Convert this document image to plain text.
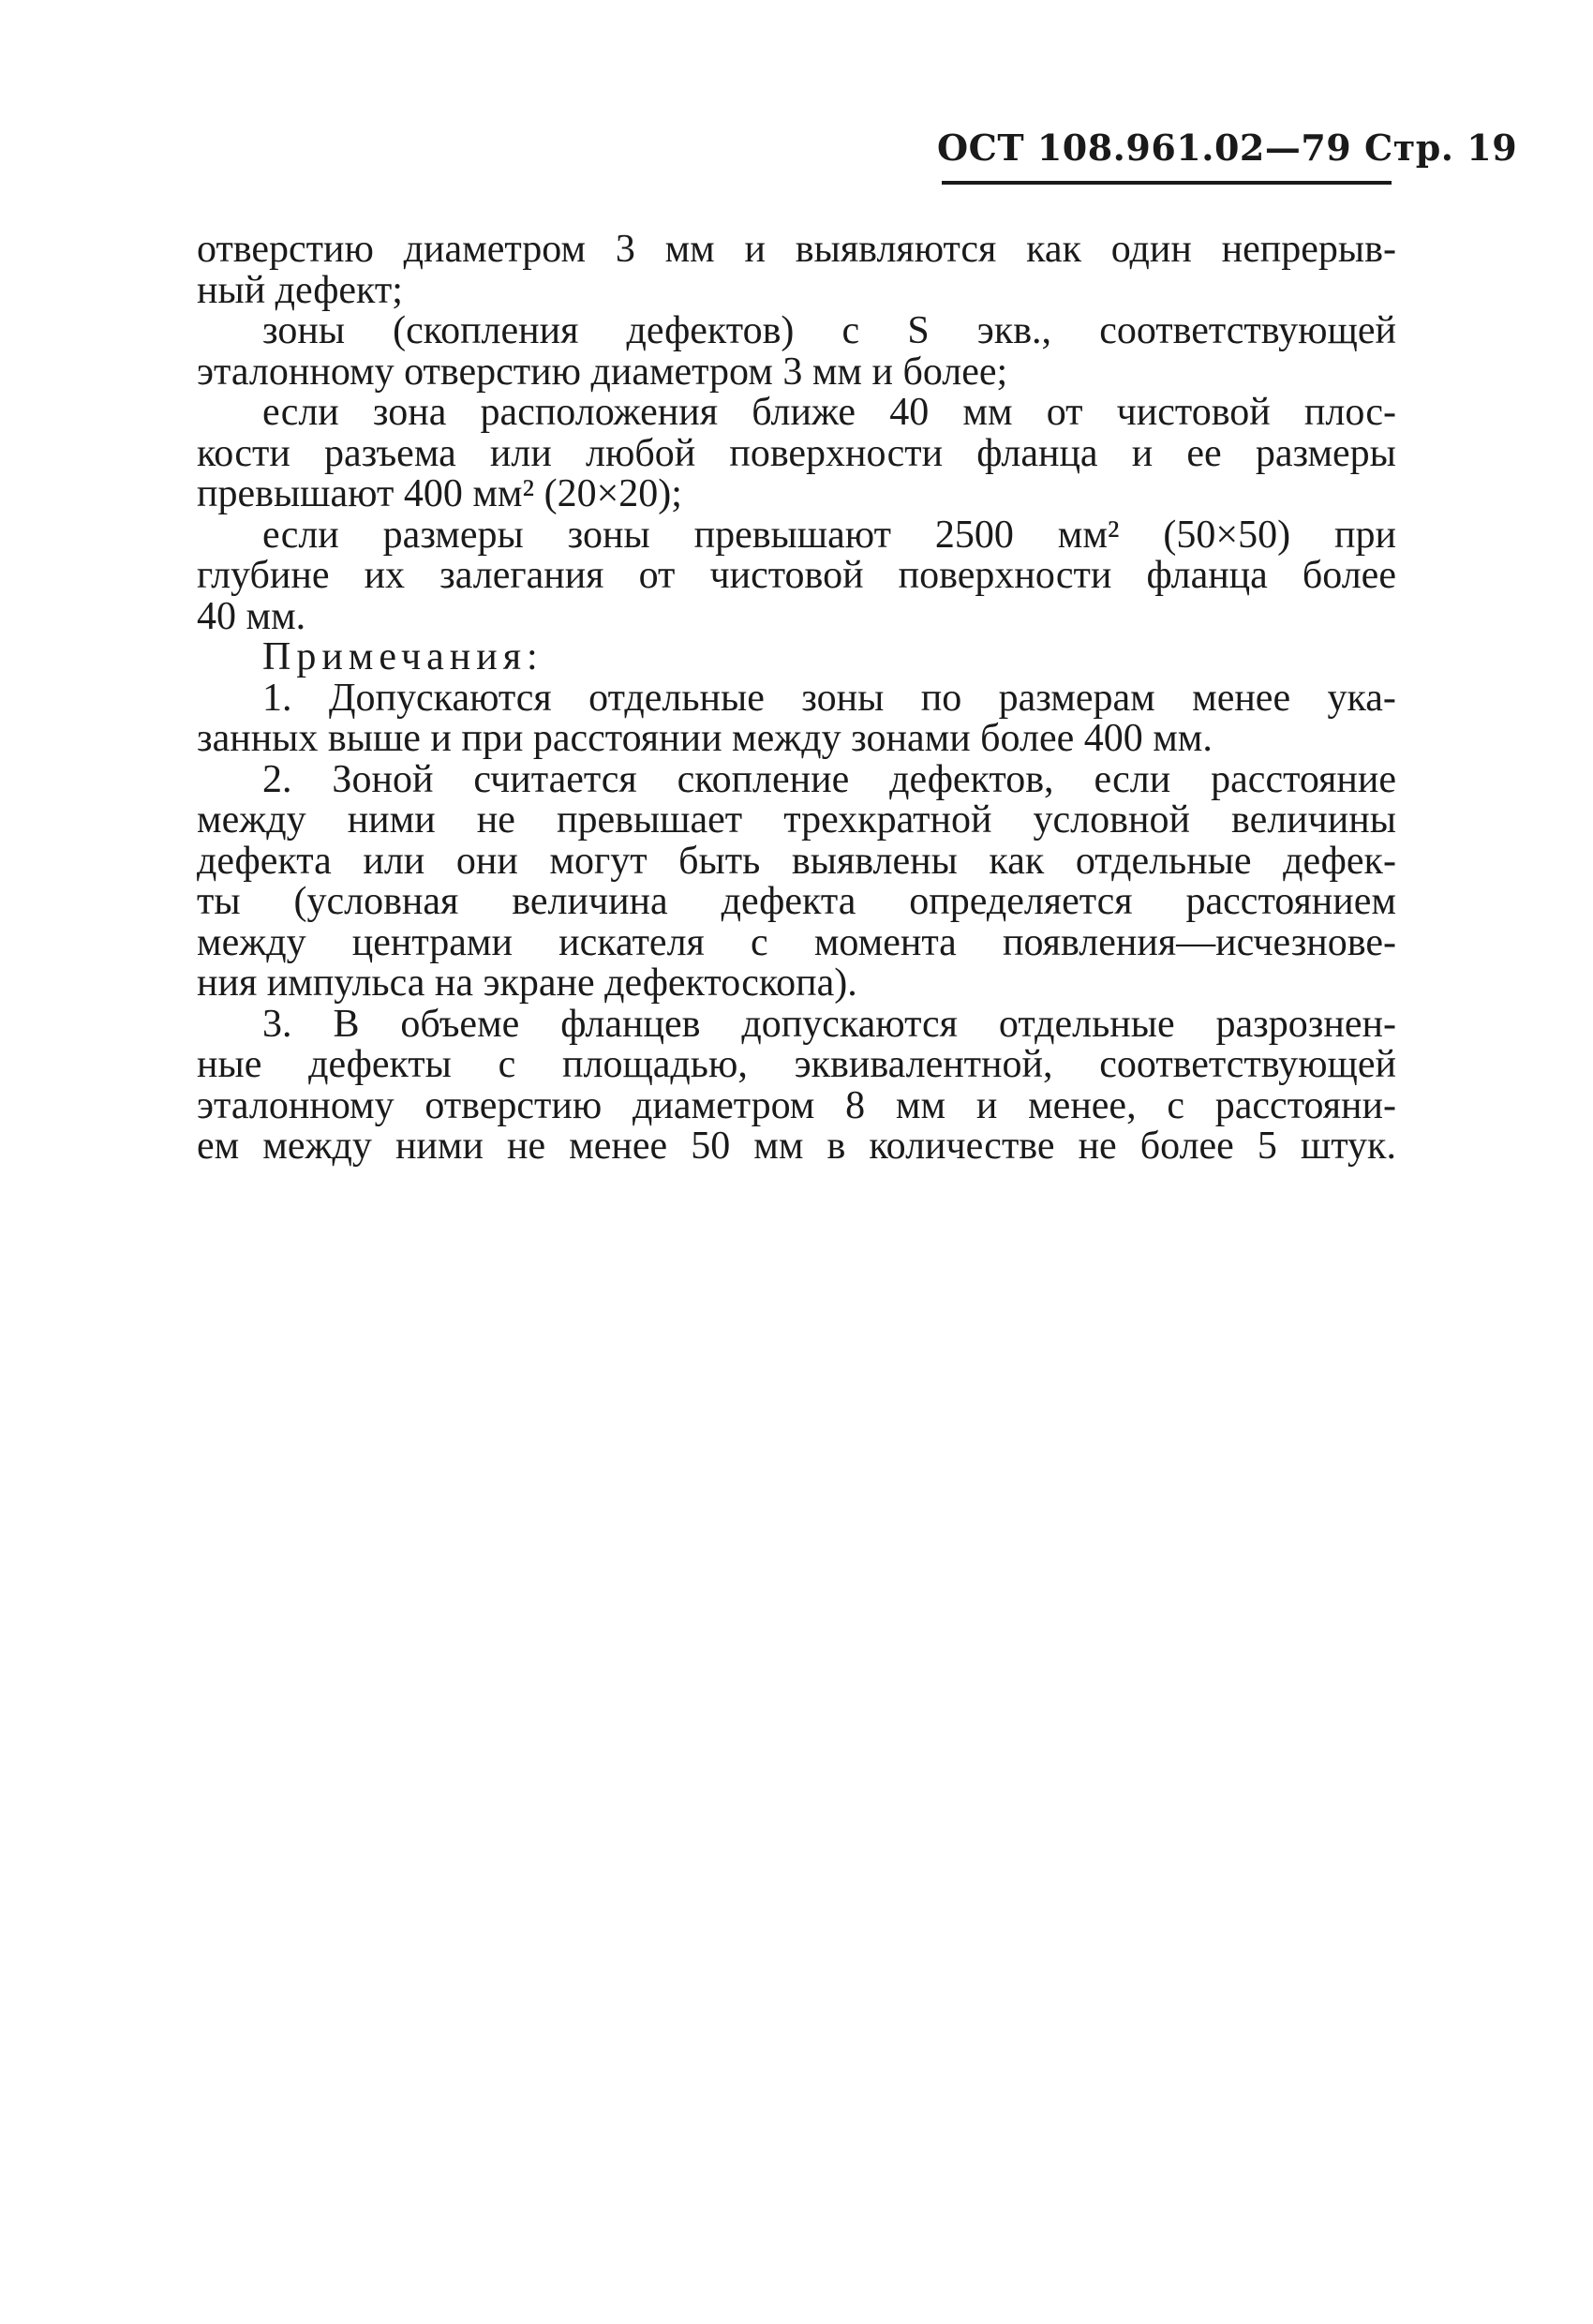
ОСТ 108.961.02—79 Стр. 19
отверстию диаметром 3 мм и выявляются как один непрерыв-
ный дефект;
зоны (скопления дефектов) с S экв., соответствующей
эталонному отверстию диаметром 3 мм и более;
если зона расположения ближе 40 мм от чистовой плос-
кости разъема или любой поверхности фланца и ее размеры
превышают 400 мм² (20×20);
если размеры зоны превышают 2500 мм² (50×50) при
глубине их залегания от чистовой поверхности фланца более
40 мм.
Примечания:
1. Допускаются отдельные зоны по размерам менее ука-
занных выше и при расстоянии между зонами более 400 мм.
2. Зоной считается скопление дефектов, если расстояние
между ними не превышает трехкратной условной величины
дефекта или они могут быть выявлены как отдельные дефек-
ты (условная величина дефекта определяется расстоянием
между центрами искателя с момента появления—исчезнове-
ния импульса на экране дефектоскопа).
3. В объеме фланцев допускаются отдельные разрознен-
ные дефекты с площадью, эквивалентной, соответствующей
эталонному отверстию диаметром 8 мм и менее, с расстояни-
ем между ними не менее 50 мм в количестве не более 5 штук.
